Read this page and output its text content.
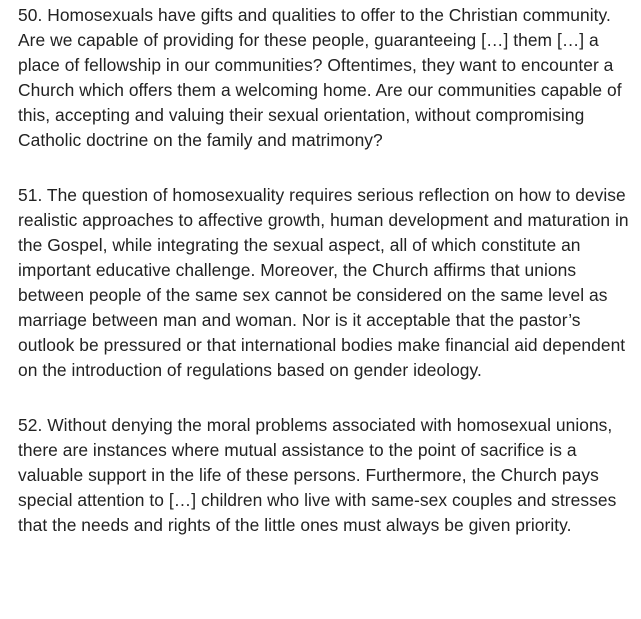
50. Homosexuals have gifts and qualities to offer to the Christian community. Are we capable of providing for these people, guaranteeing […] them […] a place of fellowship in our communities? Oftentimes, they want to encounter a Church which offers them a welcoming home. Are our communities capable of this, accepting and valuing their sexual orientation, without compromising Catholic doctrine on the family and matrimony?

51. The question of homosexuality requires serious reflection on how to devise realistic approaches to affective growth, human development and maturation in the Gospel, while integrating the sexual aspect, all of which constitute an important educative challenge. Moreover, the Church affirms that unions between people of the same sex cannot be considered on the same level as marriage between man and woman. Nor is it acceptable that the pastor’s outlook be pressured or that international bodies make financial aid dependent on the introduction of regulations based on gender ideology.

52. Without denying the moral problems associated with homosexual unions, there are instances where mutual assistance to the point of sacrifice is a valuable support in the life of these persons. Furthermore, the Church pays special attention to […] children who live with same-sex couples and stresses that the needs and rights of the little ones must always be given priority.
